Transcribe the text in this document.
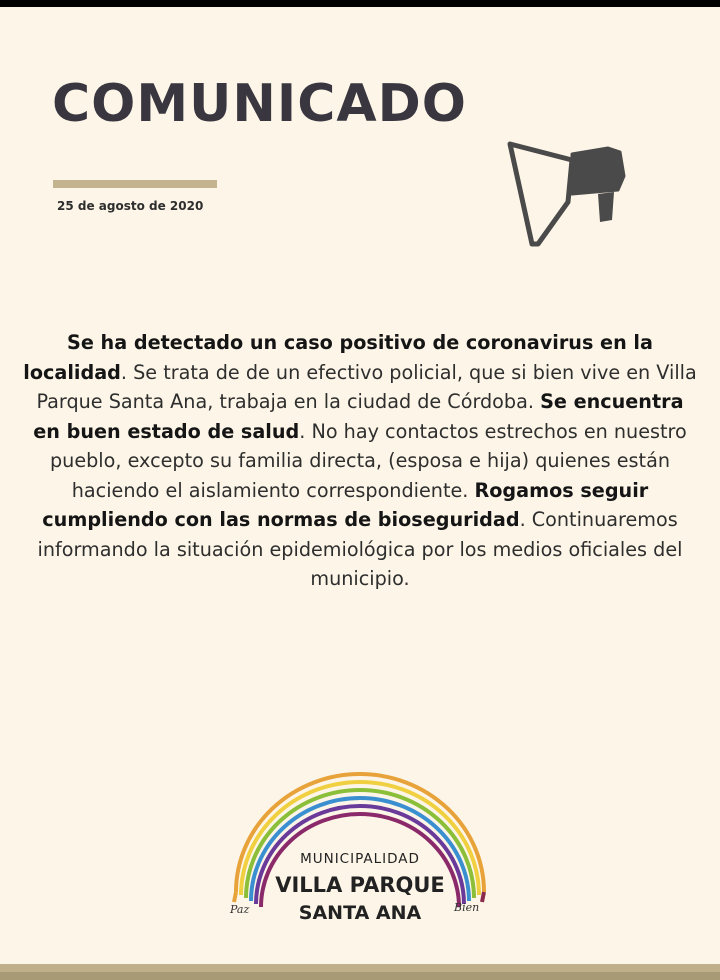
COMUNICADO
25 de agosto de 2020
Se ha detectado un caso positivo de coronavirus en la localidad. Se trata de de un efectivo policial, que si bien vive en Villa Parque Santa Ana, trabaja en la ciudad de Córdoba. Se encuentra en buen estado de salud. No hay contactos estrechos en nuestro pueblo, excepto su familia directa, (esposa e hija) quienes están haciendo el aislamiento correspondiente. Rogamos seguir cumpliendo con las normas de bioseguridad. Continuaremos informando la situación epidemiológica por los medios oficiales del municipio.
MUNICIPALIDAD
VILLA PARQUE
SANTA ANA
Paz	Bien
